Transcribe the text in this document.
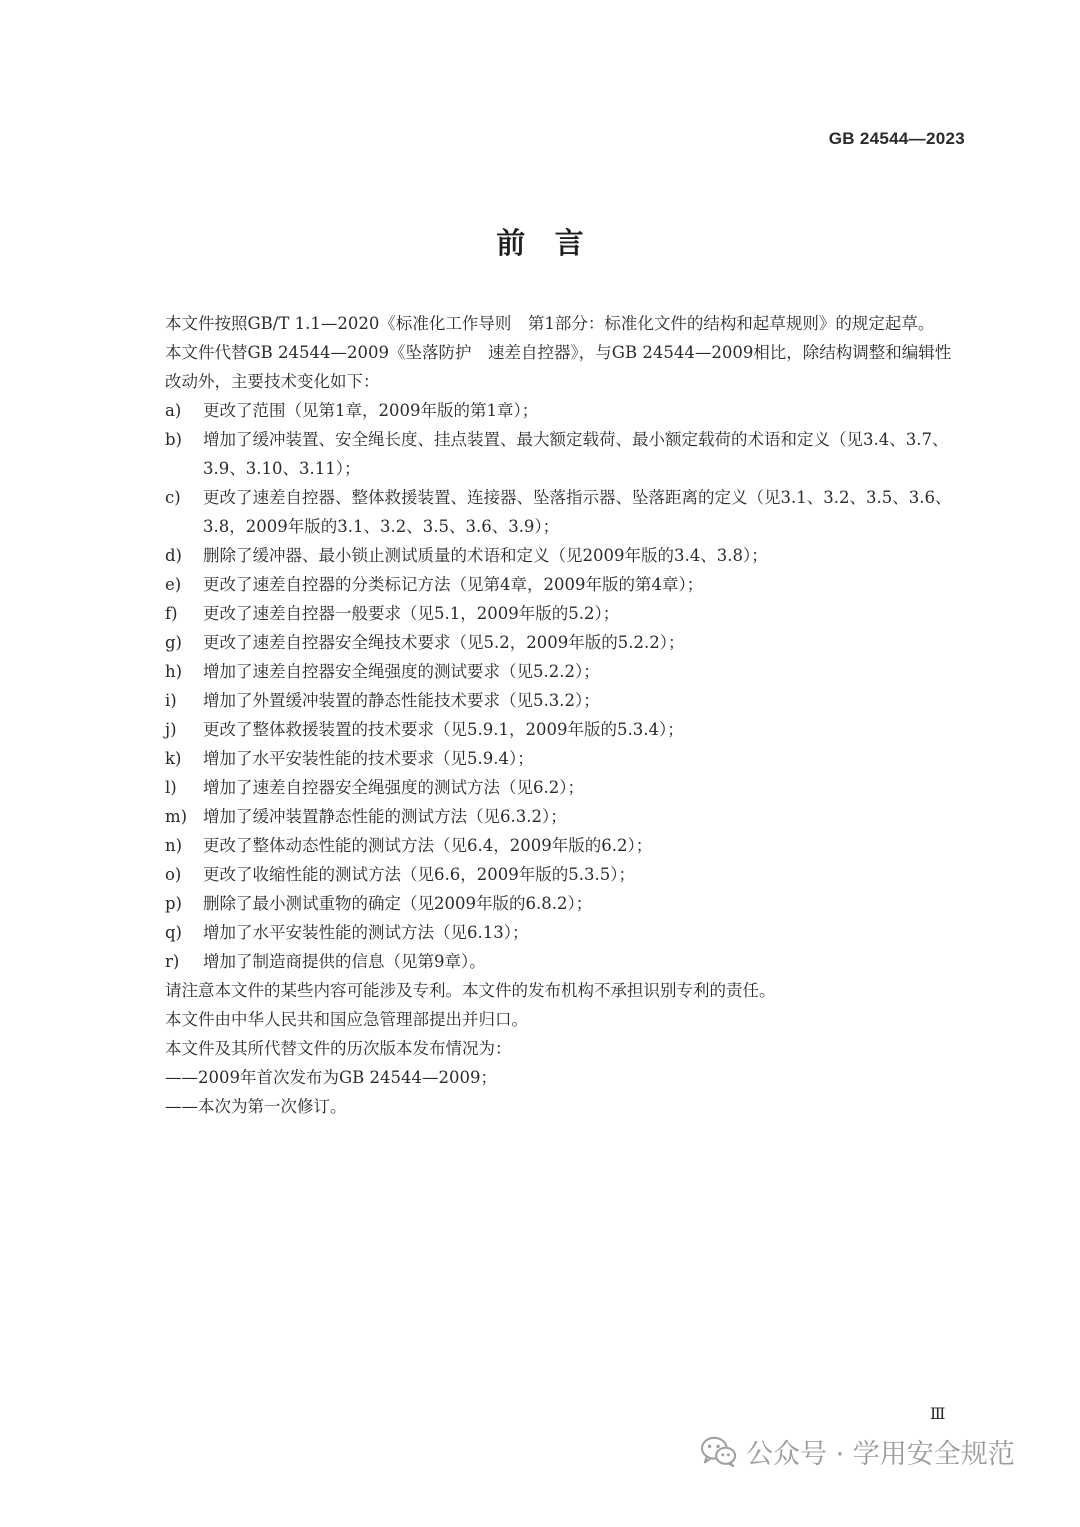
GB 24544—2023
前　言

本文件按照GB/T 1.1—2020《标准化工作导则　第1部分：标准化文件的结构和起草规则》的规定起草。

本文件代替GB 24544—2009《坠落防护　速差自控器》，与GB 24544—2009相比，除结构调整和编辑性改动外，主要技术变化如下：

a)	更改了范围（见第1章，2009年版的第1章）；
b)	增加了缓冲装置、安全绳长度、挂点装置、最大额定载荷、最小额定载荷的术语和定义（见3.4、3.7、3.9、3.10、3.11）；
c)	更改了速差自控器、整体救援装置、连接器、坠落指示器、坠落距离的定义（见3.1、3.2、3.5、3.6、3.8，2009年版的3.1、3.2、3.5、3.6、3.9）；
d)	删除了缓冲器、最小锁止测试质量的术语和定义（见2009年版的3.4、3.8）；
e)	更改了速差自控器的分类标记方法（见第4章，2009年版的第4章）；
f)	更改了速差自控器一般要求（见5.1，2009年版的5.2）；
g)	更改了速差自控器安全绳技术要求（见5.2，2009年版的5.2.2）；
h)	增加了速差自控器安全绳强度的测试要求（见5.2.2）；
i)	增加了外置缓冲装置的静态性能技术要求（见5.3.2）；
j)	更改了整体救援装置的技术要求（见5.9.1，2009年版的5.3.4）；
k)	增加了水平安装性能的技术要求（见5.9.4）；
l)	增加了速差自控器安全绳强度的测试方法（见6.2）；
m) 增加了缓冲装置静态性能的测试方法（见6.3.2）；
n)	更改了整体动态性能的测试方法（见6.4，2009年版的6.2）；
o)	更改了收缩性能的测试方法（见6.6，2009年版的5.3.5）；
p)	删除了最小测试重物的确定（见2009年版的6.8.2）；
q)	增加了水平安装性能的测试方法（见6.13）；
r)	增加了制造商提供的信息（见第9章）。

请注意本文件的某些内容可能涉及专利。本文件的发布机构不承担识别专利的责任。

本文件由中华人民共和国应急管理部提出并归口。

本文件及其所代替文件的历次版本发布情况为：

——2009年首次发布为GB 24544—2009；

——本次为第一次修订。

Ⅲ
公众号 · 学用安全规范
